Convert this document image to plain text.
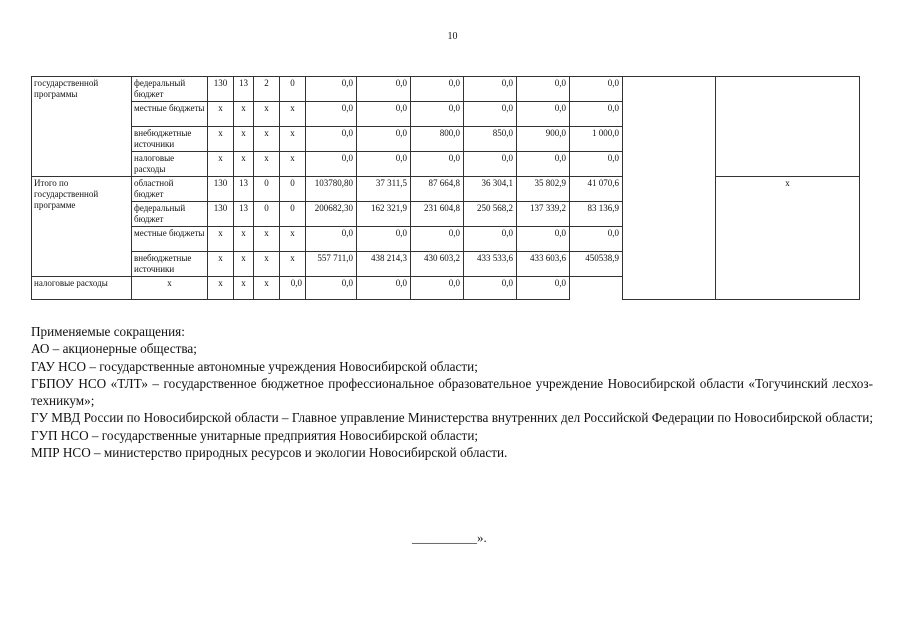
10
государственной программы	федеральный бюджет	130	13	2	0	0,0	0,0	0,0	0,0	0,0	0,0		
	местные бюджеты	x	x	x	x	0,0	0,0	0,0	0,0	0,0	0,0		
	внебюджетные источники	x	x	x	x	0,0	0,0	800,0	850,0	900,0	1 000,0		
	налоговые расходы	x	x	x	x	0,0	0,0	0,0	0,0	0,0	0,0		
Итого по государственной программе	областной бюджет	130	13	0	0	103780,80	37 311,5	87 664,8	36 304,1	35 802,9	41 070,6		x
	федеральный бюджет	130	13	0	0	200682,30	162 321,9	231 604,8	250 568,2	137 339,2	83 136,9		
	местные бюджеты	x	x	x	x	0,0	0,0	0,0	0,0	0,0	0,0		
	внебюджетные источники	x	x	x	x	557 711,0	438 214,3	430 603,2	433 533,6	433 603,6	450538,9		
налоговые расходы	x	x	x	x	0,0	0,0	0,0	0,0	0,0	0,0			

Применяемые сокращения:

АО – акционерные общества;

ГАУ НСО – государственные автономные учреждения Новосибирской области;

ГБПОУ НСО «ТЛТ» – государственное бюджетное профессиональное образовательное учреждение Новосибирской области «Тогучинский лесхоз-техникум»;

ГУ МВД России по Новосибирской области – Главное управление Министерства внутренних дел Российской Федерации по Новосибирской области;

ГУП НСО – государственные унитарные предприятия Новосибирской области;

МПР НСО – министерство природных ресурсов и экологии Новосибирской области.

__________».
